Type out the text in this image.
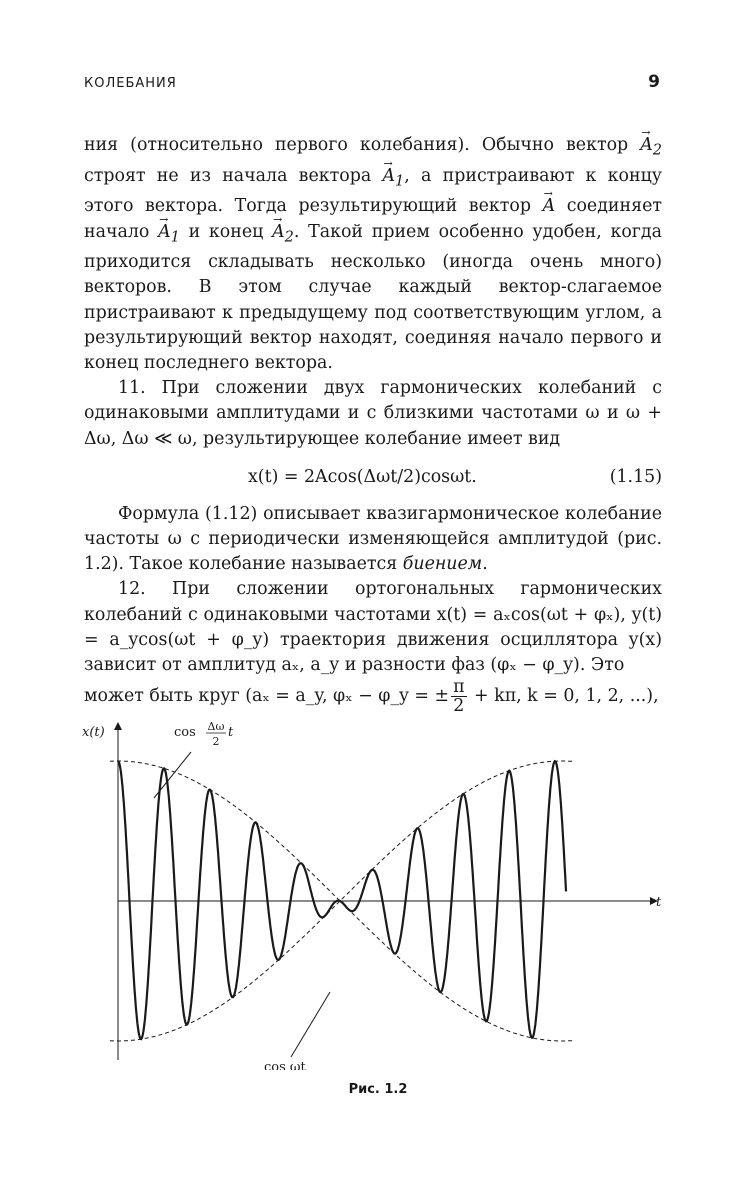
КОЛЕБАНИЯ	9

ния (относительно первого колебания). Обычно вектор → $A_2$ строят не из начала вектора → $A_1$, а пристраивают к концу этого вектора. Тогда результирующий вектор → A соединяет начало → $A_1$ и конец → $A_2$. Такой прием особенно удобен, когда приходится складывать несколько (иногда очень много) векторов. В этом случае каждый вектор-слагаемое пристраивают к предыдущему под соответствующим углом, а результирующий вектор находят, соединяя начало первого и конец последнего вектора.

11. При сложении двух гармонических колебаний с одинаковыми амплитудами и с близкими частотами ω и ω + Δω, Δω ≪ ω, результирующее колебание имеет вид

x(t) = 2Acos(Δωt/2)cosωt.	(1.15)

Формула (1.12) описывает квазигармоническое колебание частоты ω с периодически изменяющейся амплитудой (рис. 1.2). Такое колебание называется биением.

12. При сложении ортогональных гармонических колебаний с одинаковыми частотами x(t) = aₓcos(ωt + φₓ), y(t) = a_ycos(ωt + φ_y) траектория движения осциллятора y(x) зависит от амплитуд aₓ, a_y и разности фаз (φₓ − φ_y). Это

может быть круг (aₓ = a_y, φₓ − φ_y = ± $\frac{\pi}{2} + k\pi$, k = 0, 1, 2, ...),

x(t)
t
cos Δω
2
t
cos ωt
Рис. 1.2
